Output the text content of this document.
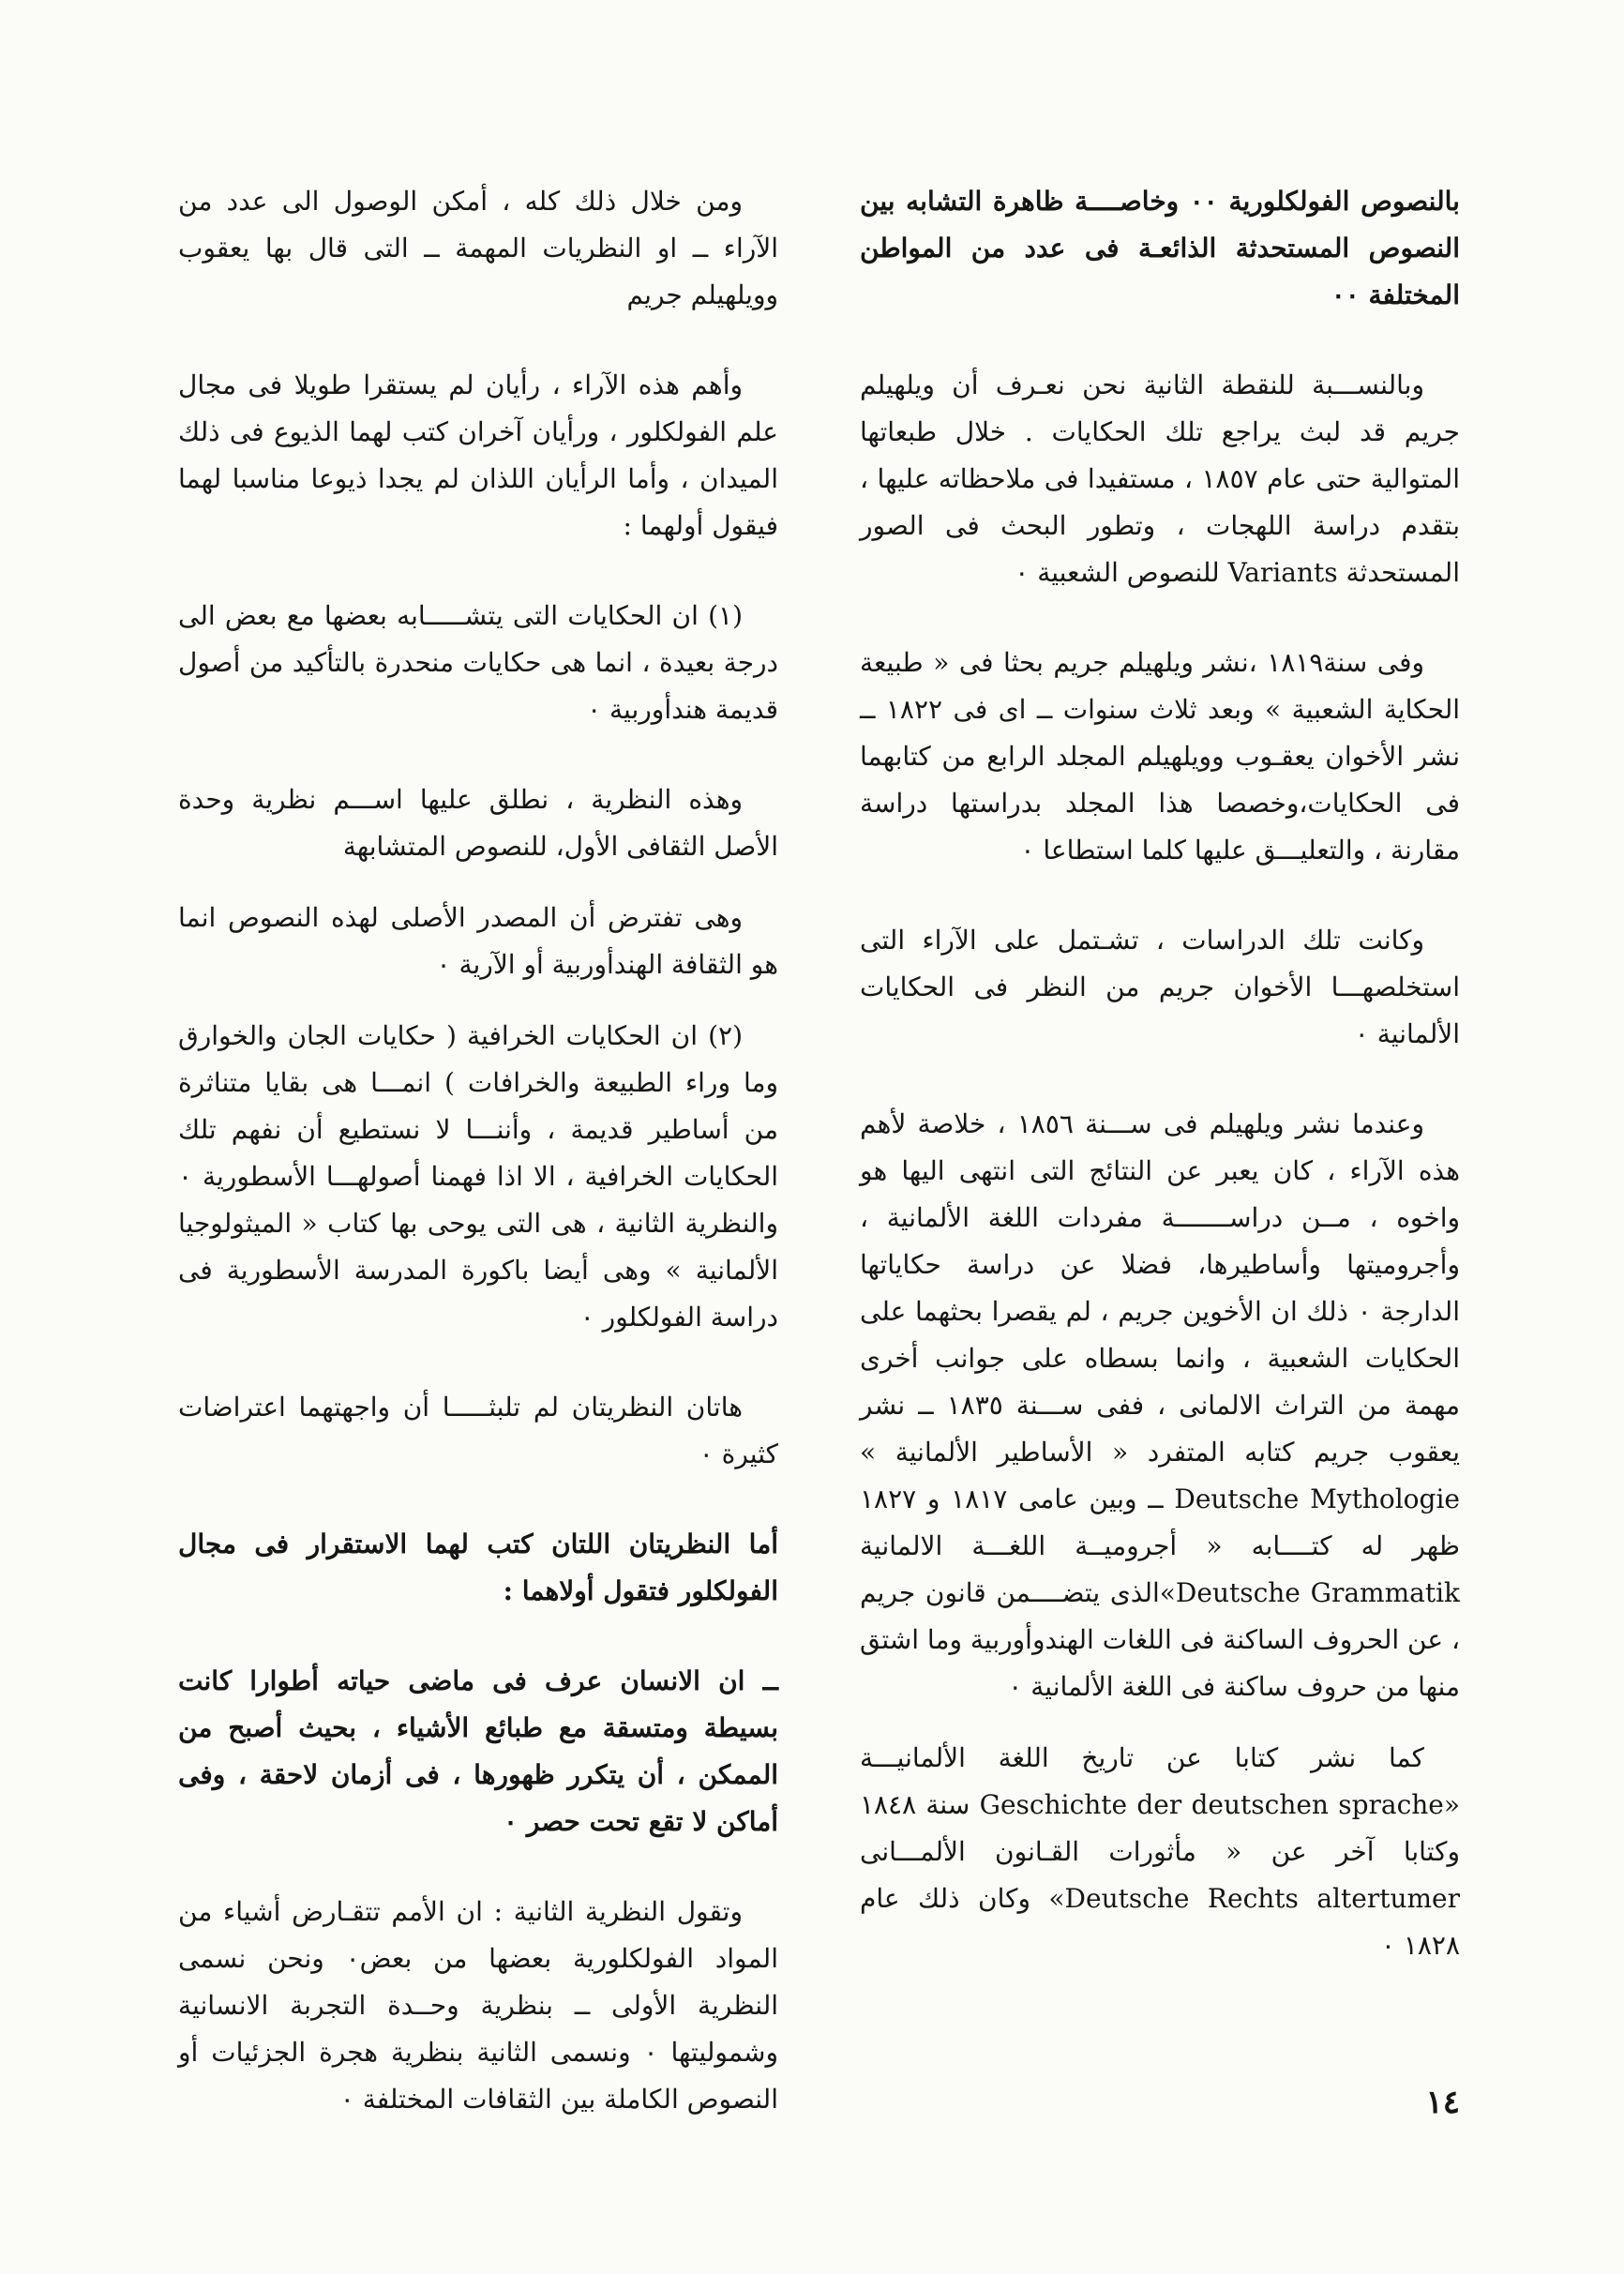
بالنصوص الفولكلورية ٠٠ وخاصــــة ظاهرة التشابه بين النصوص المستحدثة الذائعـة فى عدد من المواطن المختلفة ٠٠

وبالنســـبة للنقطة الثانية نحن نعـرف أن ويلهيلم جريم قد لبث يراجع تلك الحكايات . خلال طبعاتها المتوالية حتى عام ١٨٥٧ ، مستفيدا فى ملاحظاته عليها ، بتقدم دراسة اللهجات ، وتطور البحث فى الصور المستحدثة Variants للنصوص الشعبية ٠

وفى سنة١٨١٩ ،نشر ويلهيلم جريم بحثا فى « طبيعة الحكاية الشعبية » وبعد ثلاث سنوات ــ اى فى ١٨٢٢ ــ نشر الأخوان يعقـوب وويلهيلم المجلد الرابع من كتابهما فى الحكايات،وخصصا هذا المجلد بدراستها دراسة مقارنة ، والتعليـــق عليها كلما استطاعا ٠

وكانت تلك الدراسات ، تشـتمل على الآراء التى استخلصهـــا الأخوان جريم من النظر فى الحكايات الألمانية ٠

وعندما نشر ويلهيلم فى ســـنة ١٨٥٦ ، خلاصة لأهم هذه الآراء ، كان يعبر عن النتائج التى انتهى اليها هو واخوه ، مــن دراســـــــة مفردات اللغة الألمانية ، وأجروميتها وأساطيرها، فضلا عن دراسة حكاياتها الدارجة ٠ ذلك ان الأخوين جريم ، لم يقصرا بحثهما على الحكايات الشعبية ، وانما بسطاه على جوانب أخرى مهمة من التراث الالمانى ، ففى ســـنة ١٨٣٥ ــ نشر يعقوب جريم كتابه المتفرد « الأساطير الألمانية » Deutsche Mythologie ــ وبين عامى ١٨١٧ و ١٨٢٧ ظهر له كتــــابه « أجروميــة اللغـــة الالمانية Deutsche Grammatik»الذى يتضــــمن قانون جريم ، عن الحروف الساكنة فى اللغات الهندوأوربية وما اشتق منها من حروف ساكنة فى اللغة الألمانية ٠

كما نشر كتابا عن تاريخ اللغة الألمانيـــة «Geschichte der deutschen sprache سنة ١٨٤٨ وكتابا آخر عن « مأثورات القـانون الألمـــانى Deutsche Rechts altertumer» وكان ذلك عام ١٨٢٨ ٠

ومن خلال ذلك كله ، أمكن الوصول الى عدد من الآراء ــ او النظريات المهمة ــ التى قال بها يعقوب وويلهيلم جريم

وأهم هذه الآراء ، رأيان لم يستقرا طويلا فى مجال علم الفولكلور ، ورأيان آخران كتب لهما الذيوع فى ذلك الميدان ، وأما الرأيان اللذان لم يجدا ذيوعا مناسبا لهما فيقول أولهما :

(١) ان الحكايات التى يتشـــــابه بعضها مع بعض الى درجة بعيدة ، انما هى حكايات منحدرة بالتأكيد من أصول قديمة هندأوربية ٠

وهذه النظرية ، نطلق عليها اســـم نظرية وحدة الأصل الثقافى الأول، للنصوص المتشابهة

وهى تفترض أن المصدر الأصلى لهذه النصوص انما هو الثقافة الهندأوربية أو الآرية ٠

(٢) ان الحكايات الخرافية ( حكايات الجان والخوارق وما وراء الطبيعة والخرافات ) انمـــا هى بقايا متناثرة من أساطير قديمة ، وأننـــا لا نستطيع أن نفهم تلك الحكايات الخرافية ، الا اذا فهمنا أصولهـــا الأسطورية ٠ والنظرية الثانية ، هى التى يوحى بها كتاب « الميثولوجيا الألمانية » وهى أيضا باكورة المدرسة الأسطورية فى دراسة الفولكلور ٠

هاتان النظريتان لم تلبثـــــا أن واجهتهما اعتراضات كثيرة ٠

أما النظريتان اللتان كتب لهما الاستقرار فى مجال الفولكلور فتقول أولاهما :

ــ ان الانسان عرف فى ماضى حياته أطوارا كانت بسيطة ومتسقة مع طبائع الأشياء ، بحيث أصبح من الممكن ، أن يتكرر ظهورها ، فى أزمان لاحقة ، وفى أماكن لا تقع تحت حصر ٠

وتقول النظرية الثانية : ان الأمم تتقـارض أشياء من المواد الفولكلورية بعضها من بعض٠ ونحن نسمى النظرية الأولى ــ بنظرية وحــدة التجربة الانسانية وشموليتها ٠ ونسمى الثانية بنظرية هجرة الجزئيات أو النصوص الكاملة بين الثقافات المختلفة ٠	١٤
